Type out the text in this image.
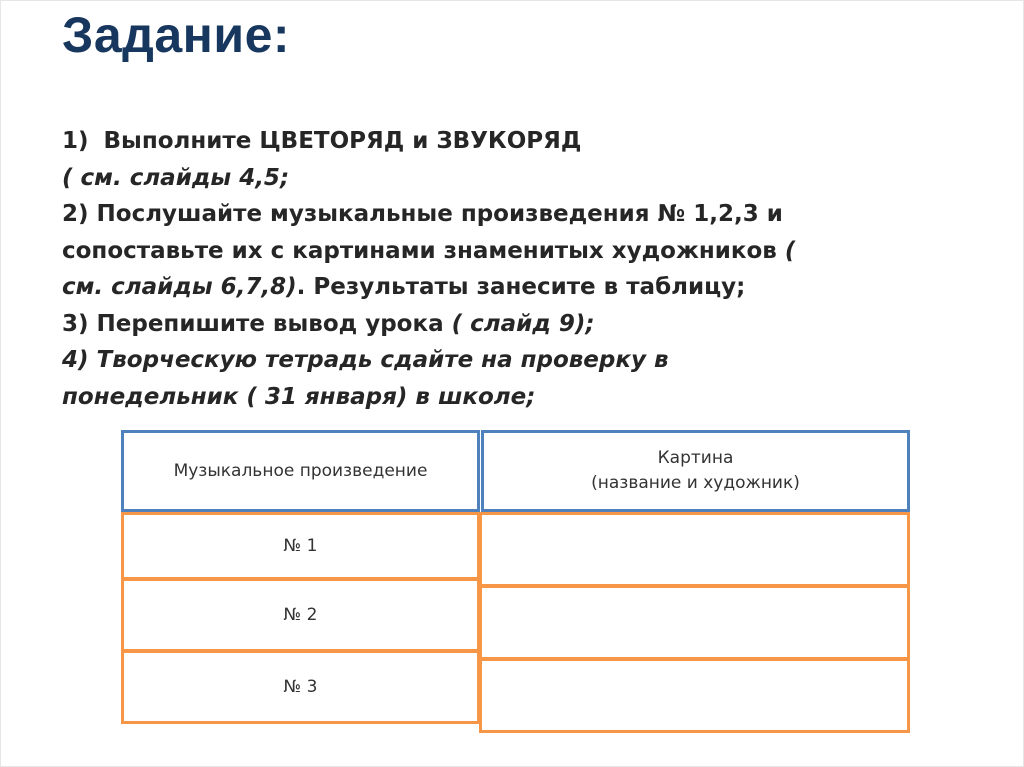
Задание:
1) Выполните ЦВЕТОРЯД и ЗВУКОРЯД
( см. слайды 4,5;
2) Послушайте музыкальные произведения № 1,2,3 и
сопоставьте их с картинами знаменитых художников (
см. слайды 6,7,8). Результаты занесите в таблицу;
3) Перепишите вывод урока ( слайд 9);
4) Творческую тетрадь сдайте на проверку в
понедельник ( 31 января) в школе;
Музыкальное произведение
Картина
(название и художник)
№ 1
№ 2
№ 3
